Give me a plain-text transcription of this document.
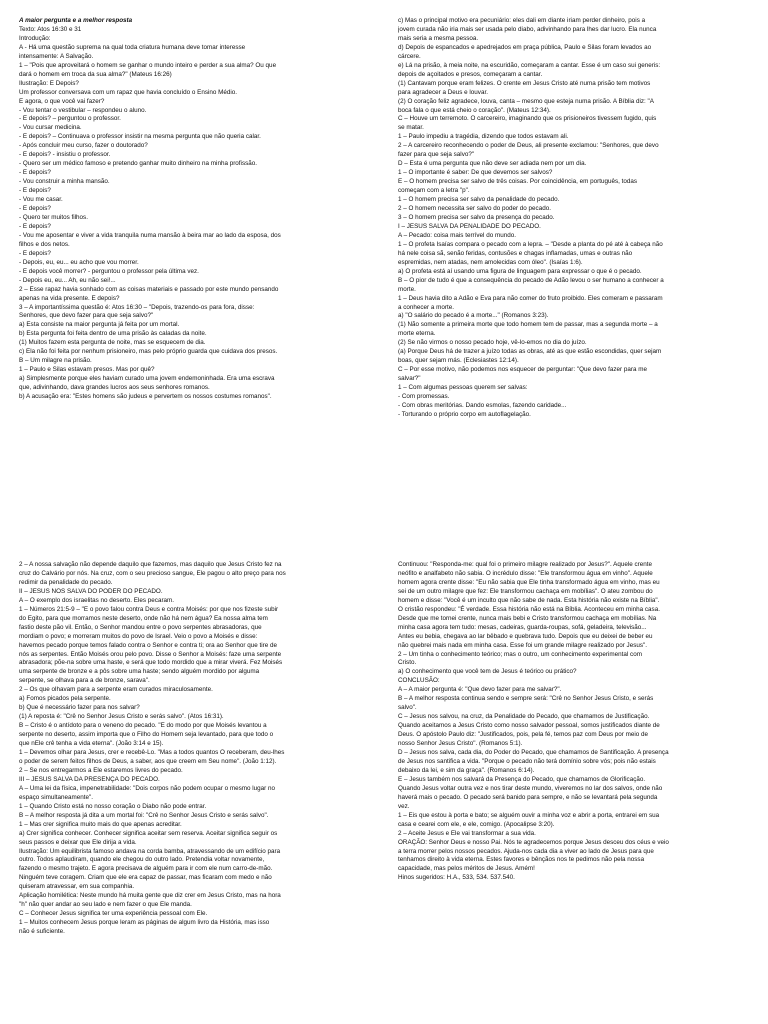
A maior pergunta e a melhor resposta
Texto: Atos 16:30 e 31
Introdução:
A - Há uma questão suprema na qual toda criatura humana deve tomar interesse
intensamente: A Salvação.
1 – "Pois que aproveitará o homem se ganhar o mundo inteiro e perder a sua alma? Ou que
dará o homem em troca da sua alma?" (Mateus 16:26)
Ilustração: E Depois?
Um professor conversava com um rapaz que havia concluído o Ensino Médio.
E agora, o que você vai fazer?
- Vou tentar o vestibular – respondeu o aluno.
- E depois? – perguntou o professor.
- Vou cursar medicina.
- E depois? – Continuava o professor insistir na mesma pergunta que não queria calar.
- Após concluir meu curso, fazer o doutorado?
- E depois? - insistiu o professor.
- Quero ser um médico famoso e pretendo ganhar muito dinheiro na minha profissão.
- E depois?
- Vou construir a minha mansão.
- E depois?
- Vou me casar.
- E depois?
- Quero ter muitos filhos.
- E depois?
- Vou me aposentar e viver a vida tranquila numa mansão à beira mar ao lado da esposa, dos
filhos e dos netos.
- E depois?
- Depois, eu, eu... eu acho que vou morrer.
- E depois você morrer? - perguntou o professor pela última vez.
- Depois eu, eu... Ah, eu não sei!...
2 – Esse rapaz havia sonhado com as coisas materiais e passado por este mundo pensando
apenas na vida presente. E depois?
3 – A importantíssima questão é: Atos 16:30 – "Depois, trazendo-os para fora, disse:
Senhores, que devo fazer para que seja salvo?"
a) Esta consiste na maior pergunta já feita por um mortal.
b) Esta pergunta foi feita dentro de uma prisão às caladas da noite.
(1) Muitos fazem esta pergunta de noite, mas se esquecem de dia.
c) Ela não foi feita por nenhum prisioneiro, mas pelo próprio guarda que cuidava dos presos.
B – Um milagre na prisão.
1 – Paulo e Silas estavam presos. Mas por quê?
a) Simplesmente porque eles haviam curado uma jovem endemoninhada. Era uma escrava
que, adivinhando, dava grandes lucros aos seus senhores romanos.
b) A acusação era: "Estes homens são judeus e pervertem os nossos costumes romanos".
c) Mas o principal motivo era pecuniário: eles dali em diante iriam perder dinheiro, pois a
jovem curada não iria mais ser usada pelo diabo, adivinhando para lhes dar lucro. Ela nunca
mais seria a mesma pessoa.
d) Depois de espancados e apedrejados em praça pública, Paulo e Silas foram levados ao
cárcere.
e) Lá na prisão, à meia noite, na escuridão, começaram a cantar. Esse é um caso sui generis:
depois de açoitados e presos, começaram a cantar.
(1) Cantavam porque eram felizes. O crente em Jesus Cristo até numa prisão tem motivos
para agradecer a Deus e louvar.
(2) O coração feliz agradece, louva, canta – mesmo que esteja numa prisão. A Bíblia diz: "A
boca fala o que está cheio o coração". (Mateus 12:34).
C – Houve um terremoto. O carcereiro, imaginando que os prisioneiros tivessem fugido, quis
se matar.
1 – Paulo impediu a tragédia, dizendo que todos estavam ali.
2 – A carcereiro reconhecendo o poder de Deus, ali presente exclamou: "Senhores, que devo
fazer para que seja salvo?"
D – Esta é uma pergunta que não deve ser adiada nem por um dia.
1 – O importante é saber: De que devemos ser salvos?
E – O homem precisa ser salvo de três coisas. Por coincidência, em português, todas
começam com a letra "p".
1 – O homem precisa ser salvo da penalidade do pecado.
2 – O homem necessita ser salvo do poder do pecado.
3 – O homem precisa ser salvo da presença do pecado.
I – JESUS SALVA DA PENALIDADE DO PECADO.
A – Pecado: coisa mais terrível do mundo.
1 – O profeta Isaías compara o pecado com a lepra. – "Desde a planta do pé até à cabeça não
há nele coisa sã, senão feridas, contusões e chagas inflamadas, umas e outras não
espremidas, nem atadas, nem amolecidas com óleo". (Isaías 1:6).
a) O profeta está aí usando uma figura de linguagem para expressar o que é o pecado.
B – O pior de tudo é que a consequência do pecado de Adão levou o ser humano a conhecer a
morte.
1 – Deus havia dito a Adão e Eva para não comer do fruto proibido. Eles comeram e passaram
a conhecer a morte.
a) "O salário do pecado é a morte..." (Romanos 3:23).
(1) Não somente a primeira morte que todo homem tem de passar, mas a segunda morte – a
morte eterna.
(2) Se não virmos o nosso pecado hoje, vê-lo-emos no dia do juízo.
(a) Porque Deus há de trazer a juízo todas as obras, até as que estão escondidas, quer sejam
boas, quer sejam más. (Eclesiastes 12:14).
C – Por esse motivo, não podemos nos esquecer de perguntar: "Que devo fazer para me
salvar?"
1 – Com algumas pessoas querem ser salvas:
- Com promessas.
- Com obras meritórias. Dando esmolas, fazendo caridade...
- Torturando o próprio corpo em autoflagelação.
2 – A nossa salvação não depende daquilo que fazemos, mas daquilo que Jesus Cristo fez na
cruz do Calvário por nós. Na cruz, com o seu precioso sangue, Ele pagou o alto preço para nos
redimir da penalidade do pecado.
II – JESUS NOS SALVA DO PODER DO PECADO.
A – O exemplo dos israelitas no deserto. Eles pecaram.
1 – Números 21:5-9 – "E o povo falou contra Deus e contra Moisés: por que nos fizeste subir
do Egito, para que morramos neste deserto, onde não há nem água? Ea nossa alma tem
fastio deste pão vil. Então, o Senhor mandou entre o povo serpentes abrasadoras, que
mordiam o povo; e morreram muitos do povo de Israel. Veio o povo a Moisés e disse:
havemos pecado porque temos falado contra o Senhor e contra ti; ora ao Senhor que tire de
nós as serpentes. Então Moisés orou pelo povo. Disse o Senhor a Moisés: faze uma serpente
abrasadora; põe-na sobre uma haste, e será que todo mordido que a mirar viverá. Fez Moisés
uma serpente de bronze e a pôs sobre uma haste; sendo alguém mordido por alguma
serpente, se olhava para a de bronze, sarava".
2 – Os que olhavam para a serpente eram curados miraculosamente.
a) Fomos picados pela serpente.
b) Que é necessário fazer para nos salvar?
(1) A reposta é: "Crê no Senhor Jesus Cristo e serás salvo". (Atos 16:31).
B – Cristo é o antídoto para o veneno do pecado. "E do modo por que Moisés levantou a
serpente no deserto, assim importa que o Filho do Homem seja levantado, para que todo o
que nEle crê tenha a vida eterna". (João 3:14 e 15).
1 – Devemos olhar para Jesus, crer e recebê-Lo. "Mas a todos quantos O receberam, deu-lhes
o poder de serem feitos filhos de Deus, a saber, aos que creem em Seu nome". (João 1:12).
2 – Se nos entregarmos a Ele estaremos livres do pecado.
III – JESUS SALVA DA PRESENÇA DO PECADO.
A – Uma lei da física, impenetrabilidade: "Dois corpos não podem ocupar o mesmo lugar no
espaço simultaneamente".
1 – Quando Cristo está no nosso coração o Diabo não pode entrar.
B – A melhor resposta já dita a um mortal foi: "Crê no Senhor Jesus Cristo e serás salvo".
1 – Mas crer significa muito mais do que apenas acreditar.
a) Crer significa conhecer. Conhecer significa aceitar sem reserva. Aceitar significa seguir os
seus passos e deixar que Ele dirija a vida.
Ilustração: Um equilibrista famoso andava na corda bamba, atravessando de um edifício para
outro. Todos aplaudiram, quando ele chegou do outro lado. Pretendia voltar novamente,
fazendo o mesmo trajeto. E agora precisava de alguém para ir com ele num carro-de-mão.
Ninguém teve coragem. Criam que ele era capaz de passar, mas ficaram com medo e não
quiseram atravessar, em sua companhia.
Aplicação homilética: Neste mundo há muita gente que diz crer em Jesus Cristo, mas na hora
"h" não quer andar ao seu lado e nem fazer o que Ele manda.
C – Conhecer Jesus significa ter uma experiência pessoal com Ele.
1 – Muitos conhecem Jesus porque leram as páginas de algum livro da História, mas isso
não é suficiente.
Continuou: "Responda-me: qual foi o primeiro milagre realizado por Jesus?". Aquele crente
neófito e analfabeto não sabia. O incrédulo disse: "Ele transformou água em vinho". Aquele
homem agora crente disse: "Eu não sabia que Ele tinha transformado água em vinho, mas eu
sei de um outro milagre que fez: Ele transformou cachaça em mobílias". O ateu zombou do
homem e disse: "Você é um inculto que não sabe de nada. Esta história não existe na Bíblia".
O cristão respondeu: "É verdade. Essa história não está na Bíblia. Aconteceu em minha casa.
Desde que me tornei crente, nunca mais bebi e Cristo transformou cachaça em mobílias. Na
minha casa agora tem tudo: mesas, cadeiras, guarda-roupas, sofá, geladeira, televisão...
Antes eu bebia, chegava ao lar bêbado e quebrava tudo. Depois que eu deixei de beber eu
não quebrei mais nada em minha casa. Esse foi um grande milagre realizado por Jesus".
2 – Um tinha o conhecimento teórico; mas o outro, um conhecimento experimental com
Cristo.
a) O conhecimento que você tem de Jesus é teórico ou prático?
CONCLUSÃO:
A – A maior pergunta é: "Que devo fazer para me salvar?".
B – A melhor resposta continua sendo e sempre será: "Crê no Senhor Jesus Cristo, e serás
salvo".
C – Jesus nos salvou, na cruz, da Penalidade do Pecado, que chamamos de Justificação.
Quando aceitamos a Jesus Cristo como nosso salvador pessoal, somos justificados diante de
Deus. O apóstolo Paulo diz: "Justificados, pois, pela fé, temos paz com Deus por meio de
nosso Senhor Jesus Cristo". (Romanos 5:1).
D – Jesus nos salva, cada dia, do Poder do Pecado, que chamamos de Santificação. A presença
de Jesus nos santifica a vida. "Porque o pecado não terá domínio sobre vós; pois não estais
debaixo da lei, e sim da graça". (Romanos 6:14).
E – Jesus também nos salvará da Presença do Pecado, que chamamos de Glorificação.
Quando Jesus voltar outra vez e nos tirar deste mundo, viveremos no lar dos salvos, onde não
haverá mais o pecado. O pecado será banido para sempre, e não se levantará pela segunda
vez.
1 – Eis que estou à porta e bato; se alguém ouvir a minha voz e abrir a porta, entrarei em sua
casa e cearei com ele, e ele, comigo. (Apocalipse 3:20).
2 – Aceite Jesus e Ele vai transformar a sua vida.
ORAÇÃO: Senhor Deus e nosso Pai. Nós te agradecemos porque Jesus desceu dos céus e veio
a terra morrer pelos nossos pecados. Ajuda-nos cada dia a viver ao lado de Jesus para que
tenhamos direito à vida eterna. Estes favores e bênçãos nos te pedimos não pela nossa
capacidade, mas pelos méritos de Jesus. Amém!
Hinos sugeridos: H.A., 533, 534. 537.540.
